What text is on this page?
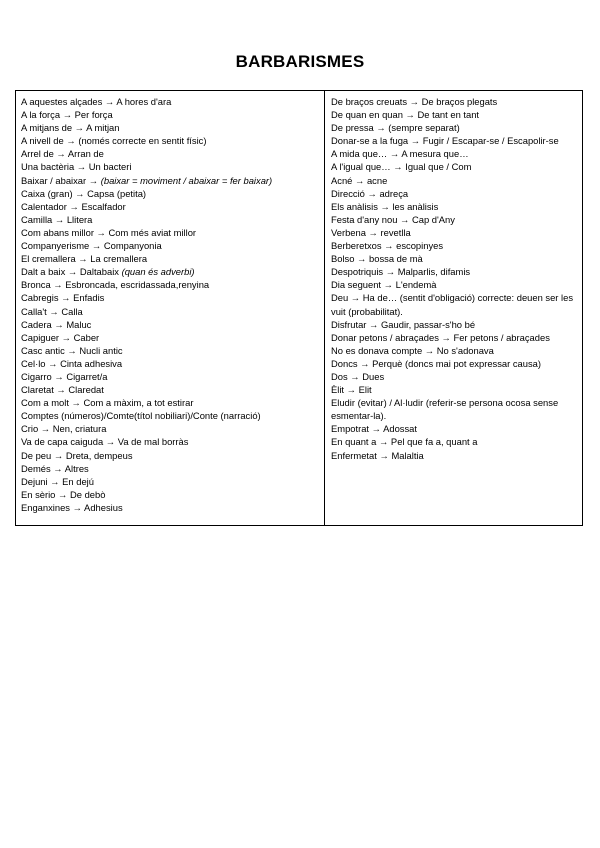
BARBARISMES
A aquestes alçades → A hores d'ara
A la força → Per força
A mitjans de → A mitjan
A nivell de → (només correcte en sentit físic)
Arrel de → Arran de
Una bactèria → Un bacteri
Baixar / abaixar → (baixar = moviment / abaixar = fer baixar)
Caixa (gran) → Capsa (petita)
Calentador → Escalfador
Camilla → Llitera
Com abans millor → Com més aviat millor
Companyerisme → Companyonia
El cremallera → La cremallera
Dalt a baix → Daltabaix (quan és adverbi)
Bronca → Esbroncada, escridassada,renyina
Cabregis → Enfadis
Calla't → Calla
Cadera → Maluc
Capiguer → Caber
Casc antic → Nucli antic
Cel·lo → Cinta adhesiva
Cigarro → Cigarret/a
Claretat → Claredat
Com a molt → Com a màxim, a tot estirar
Comptes (números)/Comte(títol nobiliari)/Conte (narració)
Crio → Nen, criatura
Va de capa caiguda → Va de mal borràs
De peu → Dreta, dempeus
Demés → Altres
Dejuni → En dejú
En sèrio → De debò
Enganxines → Adhesius
De braços creuats → De braços plegats
De quan en quan → De tant en tant
De pressa → (sempre separat)
Donar-se a la fuga → Fugir / Escapar-se / Escapolir-se
A mida que… → A mesura que…
A l'igual que… → Igual que / Com
Acné → acne
Direcció → adreça
Els anàlisis → les anàlisis
Festa d'any nou → Cap d'Any
Verbena → revetlla
Berberetxos → escopinyes
Bolso → bossa de mà
Despotriquis → Malparlis, difamis
Dia seguent → L'endemà
Deu → Ha de… (sentit d'obligació) correcte: deuen ser les vuit (probabilitat).
Disfrutar → Gaudir, passar-s'ho bé
Donar petons / abraçades → Fer petons / abraçades
No es donava compte → No s'adonava
Doncs → Perquè (doncs mai pot expressar causa)
Dos → Dues
Èlit → Elit
Eludir (evitar) / Al·ludir (referir-se persona ocosa sense esmentar-la).
Empotrat → Adossat
En quant a → Pel que fa a, quant a
Enfermetat → Malaltia
